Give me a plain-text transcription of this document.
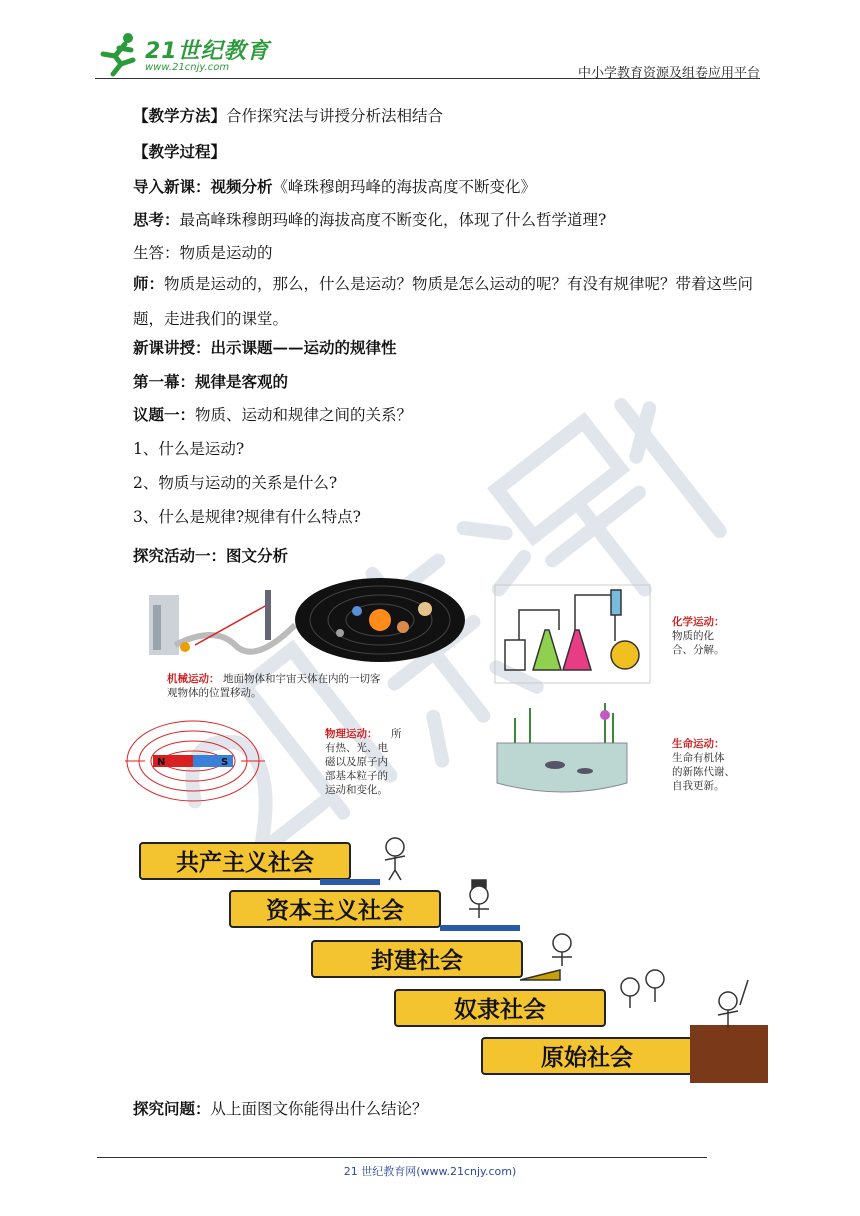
21世纪教育
www.21cnjy.com	中小学教育资源及组卷应用平台
【教学方法】合作探究法与讲授分析法相结合
【教学过程】
导入新课：视频分析《峰珠穆朗玛峰的海拔高度不断变化》
思考：最高峰珠穆朗玛峰的海拔高度不断变化，体现了什么哲学道理?
生答：物质是运动的
师：物质是运动的，那么，什么是运动？物质是怎么运动的呢？有没有规律呢？带着这些问题，走进我们的课堂。
新课讲授：出示课题——运动的规律性
第一幕：规律是客观的
议题一：物质、运动和规律之间的关系？
1、什么是运动?
2、物质与运动的关系是什么?
3、什么是规律?规律有什么特点?
探究活动一：图文分析
化学运动：
物质的化
合、分解。
机械运动： 地面物体和宇宙天体在内的一切客
观物体的位置移动。
N	S
物理运动： 所
有热、光、电
磁以及原子内
部基本粒子的
运动和变化。
生命运动：
生命有机体
的新陈代谢、
自我更新。
共产主义社会
资本主义社会
封建社会
奴隶社会
原始社会
探究问题：从上面图文你能得出什么结论？
21 世纪教育网(www.21cnjy.com)
